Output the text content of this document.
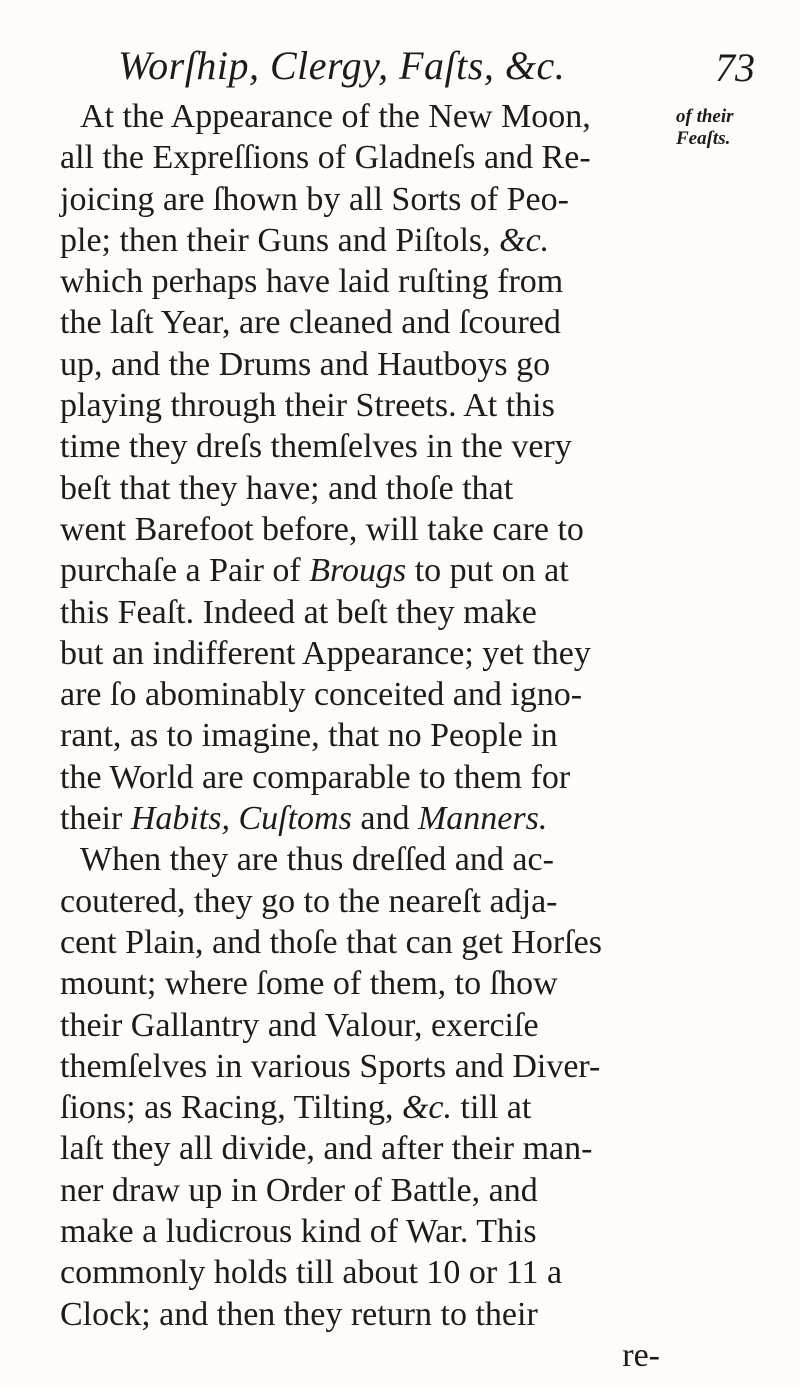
Worſhip, Clergy, Faſts, &c.	73
of their
Feaſts.
At the Appearance of the New Moon,
all the Expreſſions of Gladneſs and Re-
joicing are ſhown by all Sorts of Peo-
ple; then their Guns and Piſtols, &c.
which perhaps have laid ruſting from
the laſt Year, are cleaned and ſcoured
up, and the Drums and Hautboys go
playing through their Streets. At this
time they dreſs themſelves in the very
beſt that they have; and thoſe that
went Barefoot before, will take care to
purchaſe a Pair of Brougs to put on at
this Feaſt. Indeed at beſt they make
but an indifferent Appearance; yet they
are ſo abominably conceited and igno-
rant, as to imagine, that no People in
the World are comparable to them for
their Habits, Cuſtoms and Manners.
When they are thus dreſſed and ac-
coutered, they go to the neareſt adja-
cent Plain, and thoſe that can get Horſes
mount; where ſome of them, to ſhow
their Gallantry and Valour, exerciſe
themſelves in various Sports and Diver-
ſions; as Racing, Tilting, &c. till at
laſt they all divide, and after their man-
ner draw up in Order of Battle, and
make a ludicrous kind of War. This
commonly holds till about 10 or 11 a
Clock; and then they return to their
re-
